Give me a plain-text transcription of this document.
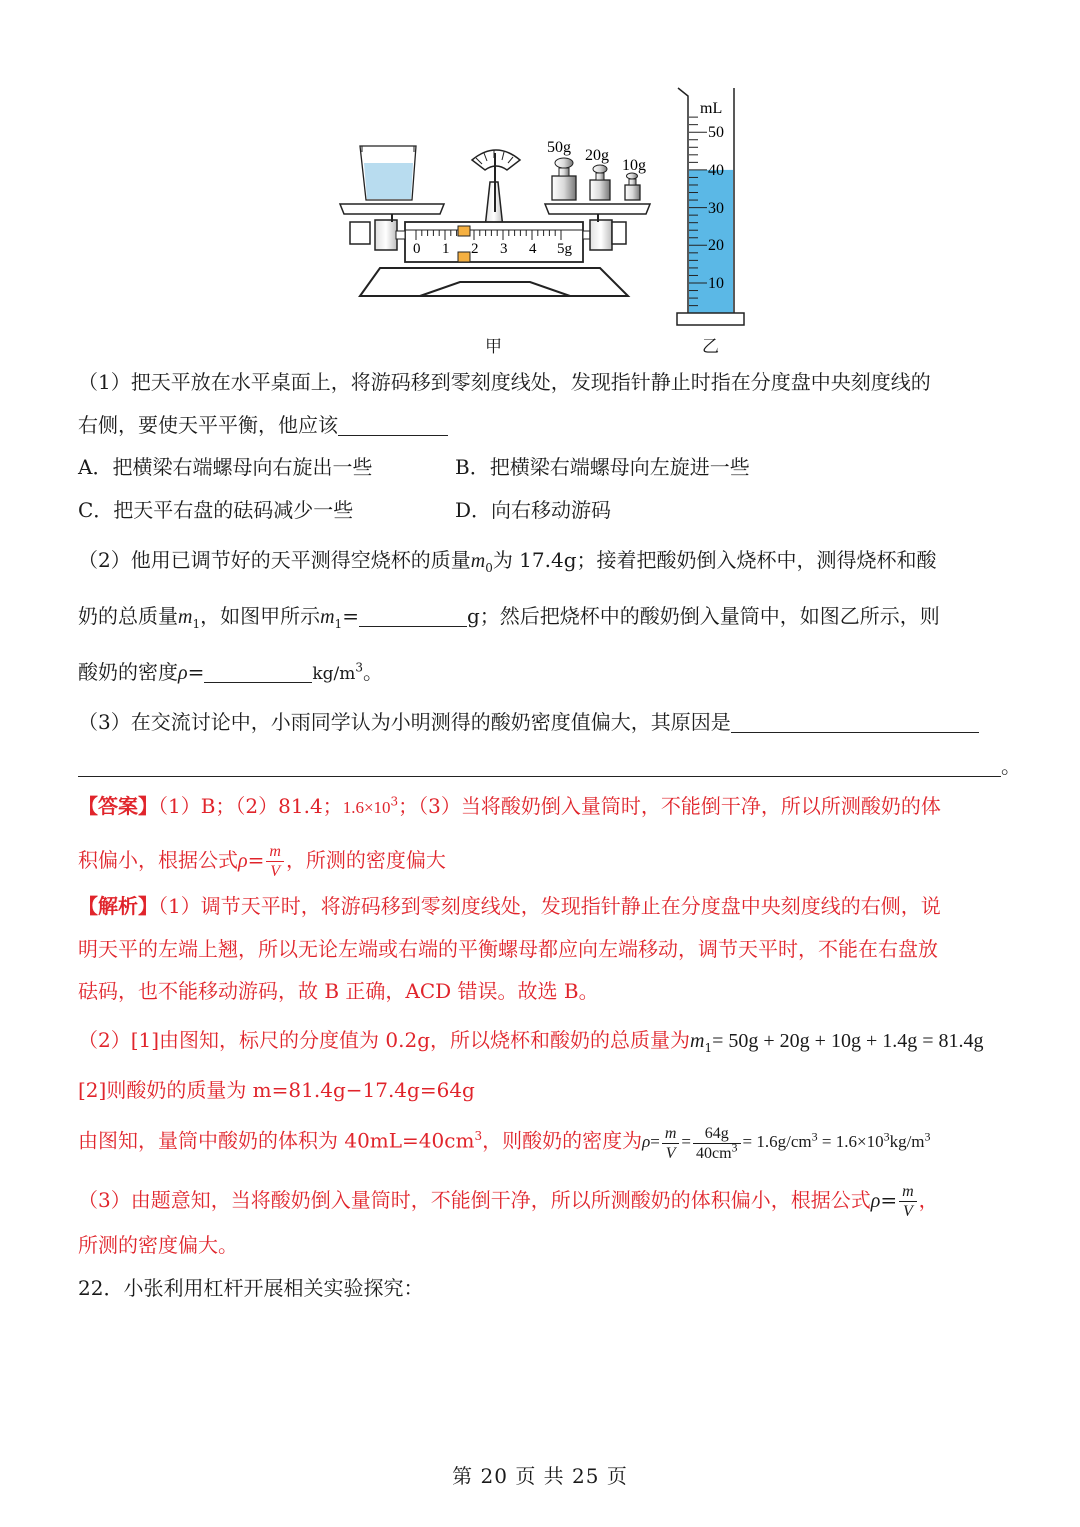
0 1 2 3 4 5g
50g 20g
10g
mL
50
40
30
20
10
甲	乙
（1）把天平放在水平桌面上，将游码移到零刻度线处，发现指针静止时指在分度盘中央刻度线的
右侧，要使天平平衡，他应该
A．把横梁右端螺母向右旋出一些	B．把横梁右端螺母向左旋进一些
C．把天平右盘的砝码减少一些	D．向右移动游码
（2）他用已调节好的天平测得空烧杯的质量$m_0$为 17.4g；接着把酸奶倒入烧杯中，测得烧杯和酸
奶的总质量$m_1$，如图甲所示$m_1=$	g；然后把烧杯中的酸奶倒入量筒中，如图乙所示，则
酸奶的密度ρ=	$kg/m^3$。
（3）在交流讨论中，小雨同学认为小明测得的酸奶密度值偏大，其原因是
。
【答案】（1）B；（2）81.4；$1.6\times 10^3$；（3）当将酸奶倒入量筒时，不能倒干净，所以所测酸奶的体
积偏小，根据公式$\rho= \frac{m}{V}$ ，所测的密度偏大
【解析】（1）调节天平时，将游码移到零刻度线处，发现指针静止在分度盘中央刻度线的右侧，说
明天平的左端上翘，所以无论左端或右端的平衡螺母都应向左端移动，调节天平时，不能在右盘放
砝码，也不能移动游码，故 B 正确，ACD 错误。故选 B。
（2）[1]由图知，标尺的分度值为 0.2g，所以烧杯和酸奶的总质量为$m_1= 50g + 20g + 10g + 1.4g = 81.4g$
[2]则酸奶的质量为 m=81.4g−17.4g=64g
由图知，量筒中酸奶的体积为 $40mL=40cm^3$，则酸奶的密度为$\rho= \frac{m}{V} = \frac{64g}{40cm^3} = 1.6g/cm^3 = 1.6\times 10^3kg/m^3$
（3）由题意知，当将酸奶倒入量筒时，不能倒干净，所以所测酸奶的体积偏小，根据公式$\rho= \frac{m}{V}$ ，
所测的密度偏大。
22．小张利用杠杆开展相关实验探究：
第 20 页 共 25 页
